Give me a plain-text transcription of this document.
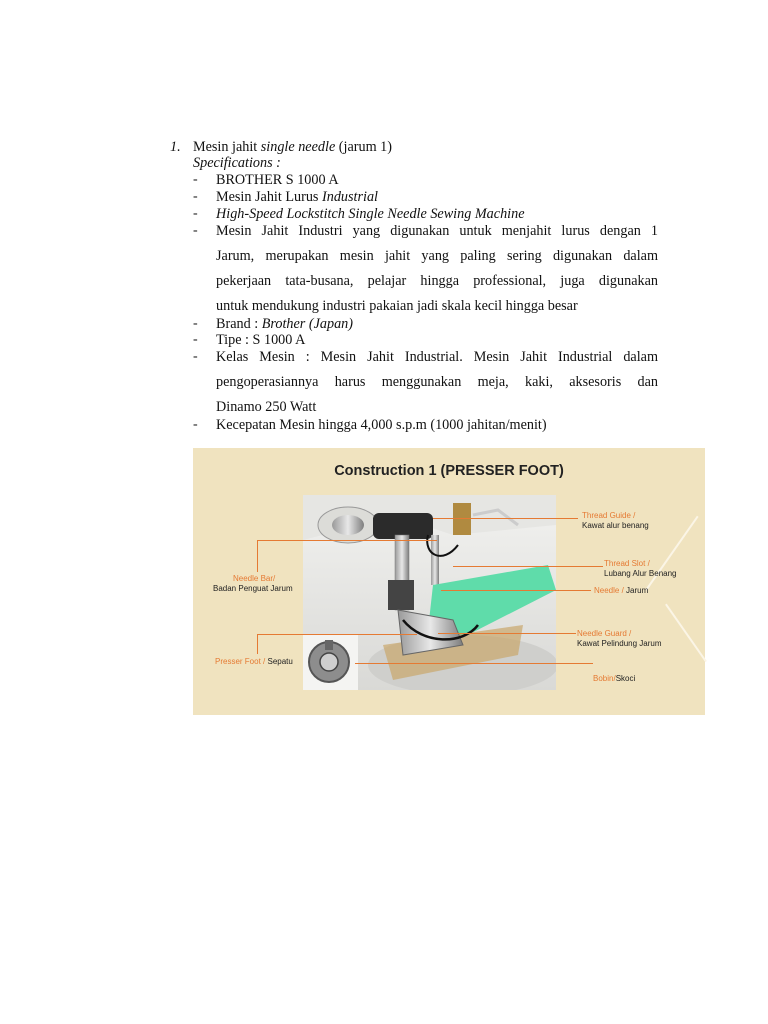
1. Mesin jahit single needle (jarum 1)
Specifications :
- BROTHER S 1000 A
- Mesin Jahit Lurus Industrial
- High-Speed Lockstitch Single Needle Sewing Machine
- Mesin Jahit Industri yang digunakan untuk menjahit lurus dengan 1
Jarum, merupakan mesin jahit yang paling sering digunakan dalam
pekerjaan tata-busana, pelajar hingga professional, juga digunakan
untuk mendukung industri pakaian jadi skala kecil hingga besar
- Brand : Brother (Japan)
- Tipe : S 1000 A
- Kelas Mesin : Mesin Jahit Industrial. Mesin Jahit Industrial dalam
pengoperasiannya harus menggunakan meja, kaki, aksesoris dan
Dinamo 250 Watt
- Kecepatan Mesin hingga 4,000 s.p.m (1000 jahitan/menit)
Construction 1 (PRESSER FOOT)
Thread Guide /
Kawat alur benang
Thread Slot /
Lubang Alur Benang
Needle / Jarum
Needle Guard /
Kawat Pelindung Jarum
Bobin/Skoci
Needle Bar/
Badan Penguat Jarum
Presser Foot / Sepatu
